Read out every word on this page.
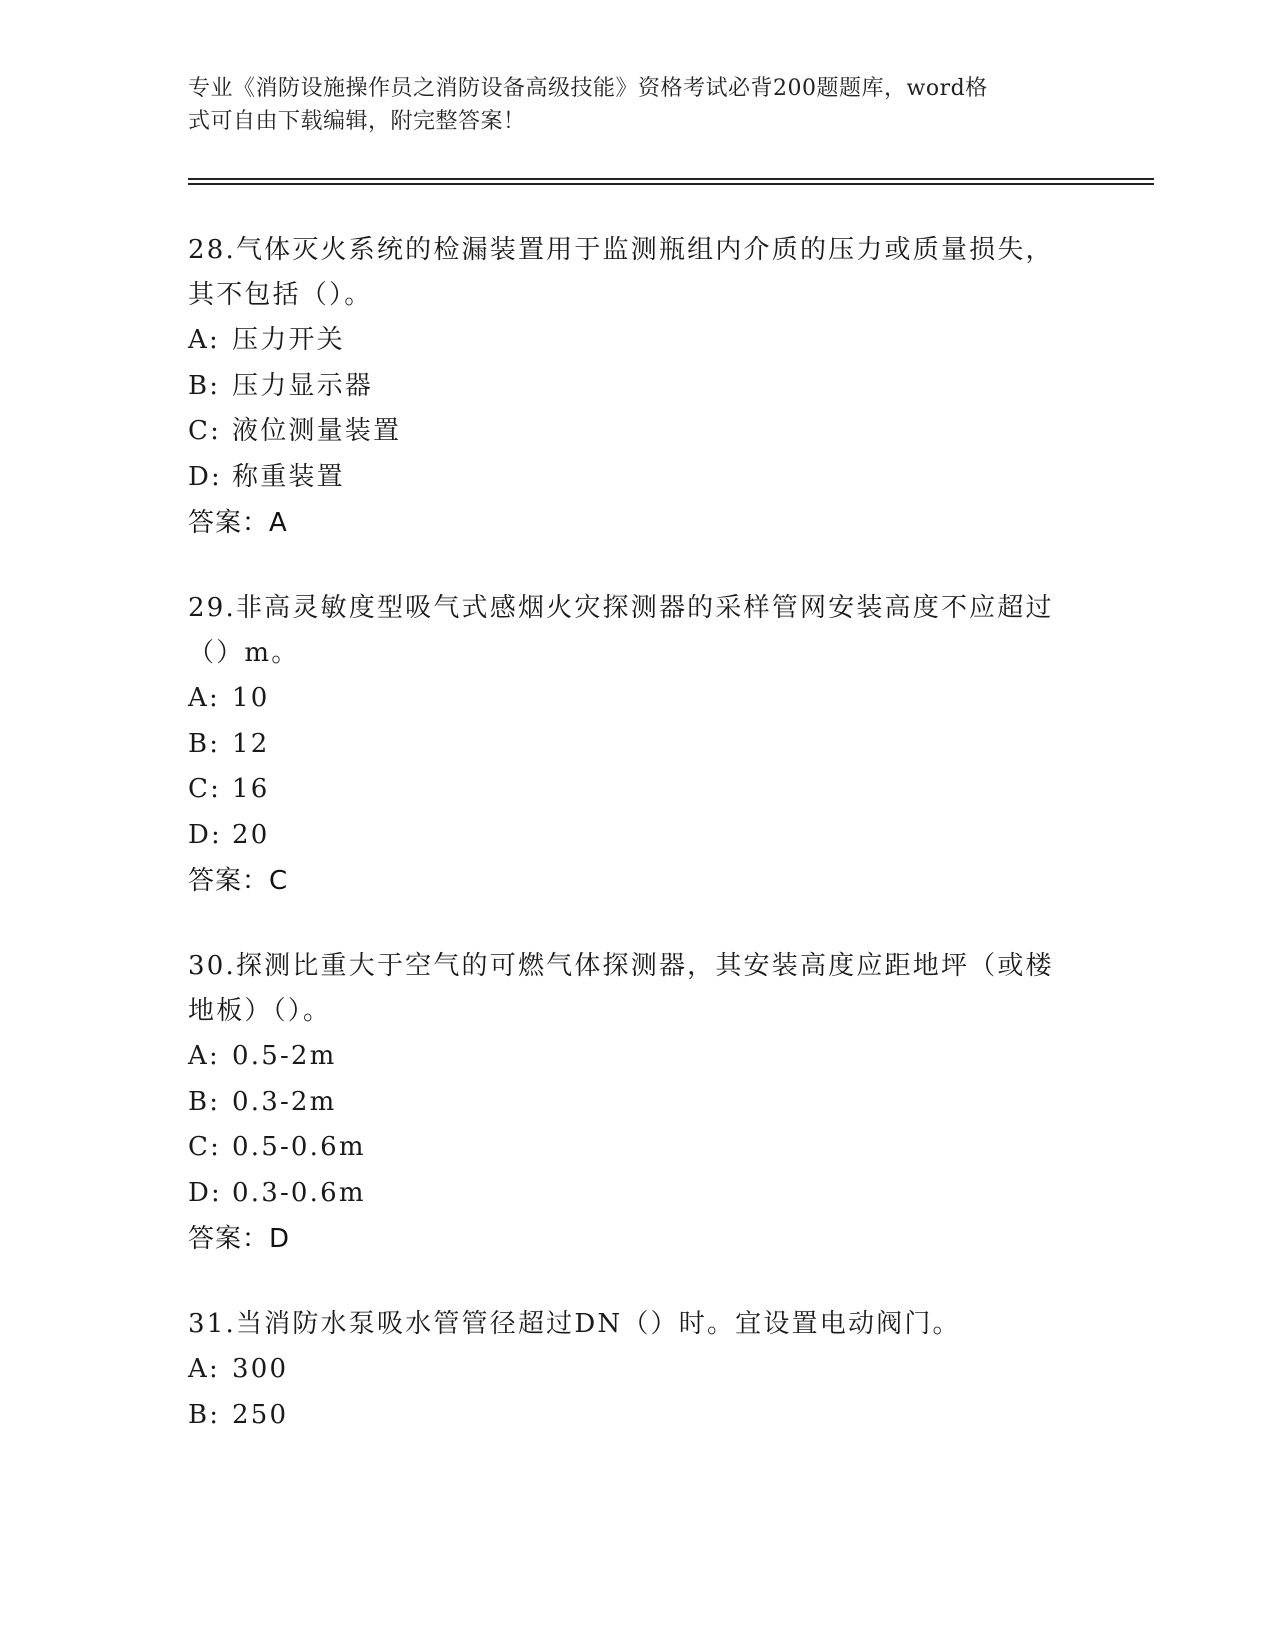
专业《消防设施操作员之消防设备高级技能》资格考试必背200题题库，word格
式可自由下载编辑，附完整答案！
28.气体灭火系统的检漏装置用于监测瓶组内介质的压力或质量损失，其不包括（）。
A: 压力开关
B: 压力显示器
C: 液位测量装置
D: 称重装置
答案：A
29.非高灵敏度型吸气式感烟火灾探测器的采样管网安装高度不应超过（）m。
A: 10
B: 12
C: 16
D: 20
答案：C
30.探测比重大于空气的可燃气体探测器，其安装高度应距地坪（或楼地板）（）。
A: 0.5-2m
B: 0.3-2m
C: 0.5-0.6m
D: 0.3-0.6m
答案：D
31.当消防水泵吸水管管径超过DN（）时。宜设置电动阀门。
A: 300
B: 250
